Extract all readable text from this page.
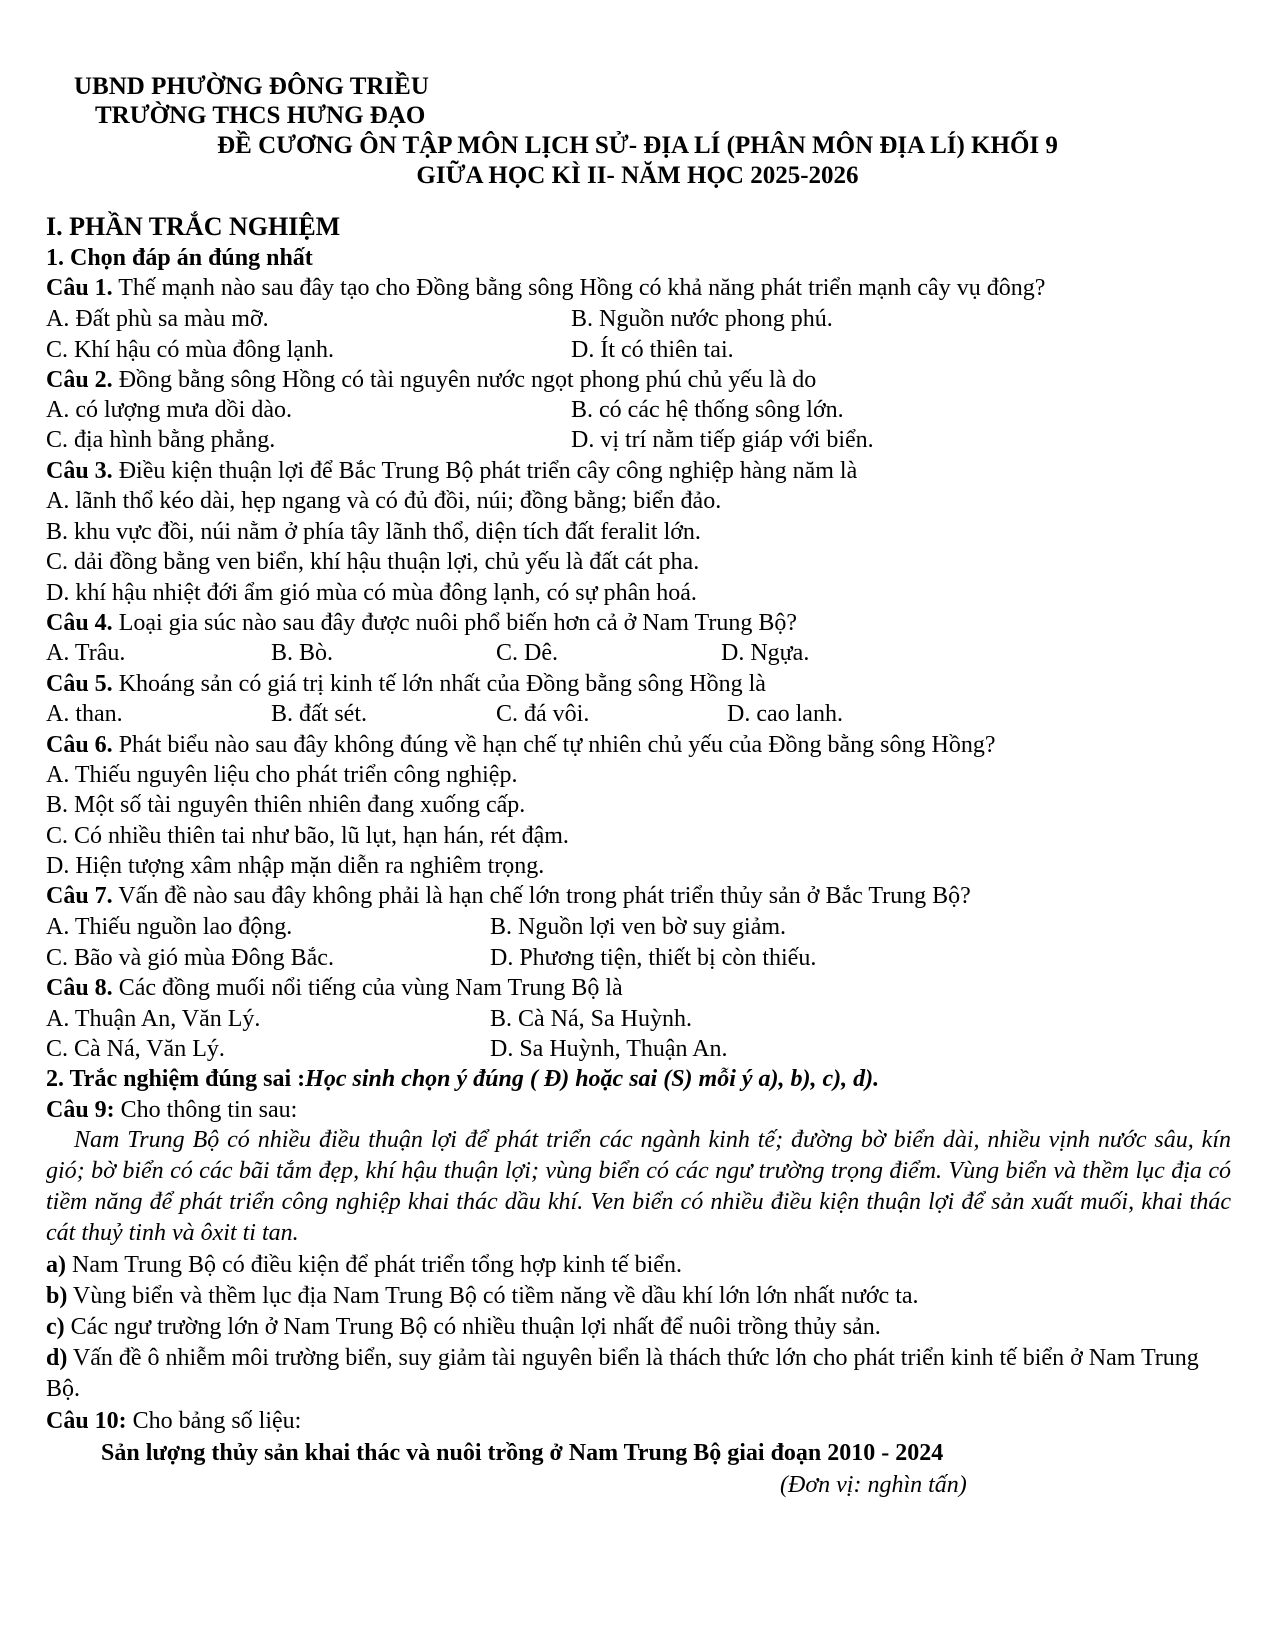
UBND PHƯỜNG ĐÔNG TRIỀU
TRƯỜNG THCS HƯNG ĐẠO
ĐỀ CƯƠNG ÔN TẬP MÔN LỊCH SỬ- ĐỊA LÍ (PHÂN MÔN ĐỊA LÍ) KHỐI 9
GIỮA HỌC KÌ II- NĂM HỌC 2025-2026
I. PHẦN TRẮC NGHIỆM
1. Chọn đáp án đúng nhất
Câu 1. Thế mạnh nào sau đây tạo cho Đồng bằng sông Hồng có khả năng phát triển mạnh cây vụ đông?
A. Đất phù sa màu mỡ.	B. Nguồn nước phong phú.
C. Khí hậu có mùa đông lạnh.	D. Ít có thiên tai.
Câu 2. Đồng bằng sông Hồng có tài nguyên nước ngọt phong phú chủ yếu là do
A. có lượng mưa dồi dào.	B. có các hệ thống sông lớn.
C. địa hình bằng phẳng.	D. vị trí nằm tiếp giáp với biển.
Câu 3. Điều kiện thuận lợi để Bắc Trung Bộ phát triển cây công nghiệp hàng năm là
A. lãnh thổ kéo dài, hẹp ngang và có đủ đồi, núi; đồng bằng; biển đảo.
B. khu vực đồi, núi nằm ở phía tây lãnh thổ, diện tích đất feralit lớn.
C. dải đồng bằng ven biển, khí hậu thuận lợi, chủ yếu là đất cát pha.
D. khí hậu nhiệt đới ẩm gió mùa có mùa đông lạnh, có sự phân hoá.
Câu 4. Loại gia súc nào sau đây được nuôi phổ biến hơn cả ở Nam Trung Bộ?
A. Trâu.	B. Bò.	C. Dê.	D. Ngựa.
Câu 5. Khoáng sản có giá trị kinh tế lớn nhất của Đồng bằng sông Hồng là
A. than.	B. đất sét.	C. đá vôi.	D. cao lanh.
Câu 6. Phát biểu nào sau đây không đúng về hạn chế tự nhiên chủ yếu của Đồng bằng sông Hồng?
A. Thiếu nguyên liệu cho phát triển công nghiệp.
B. Một số tài nguyên thiên nhiên đang xuống cấp.
C. Có nhiều thiên tai như bão, lũ lụt, hạn hán, rét đậm.
D. Hiện tượng xâm nhập mặn diễn ra nghiêm trọng.
Câu 7. Vấn đề nào sau đây không phải là hạn chế lớn trong phát triển thủy sản ở Bắc Trung Bộ?
A. Thiếu nguồn lao động.	B. Nguồn lợi ven bờ suy giảm.
C. Bão và gió mùa Đông Bắc.	D. Phương tiện, thiết bị còn thiếu.
Câu 8. Các đồng muối nổi tiếng của vùng Nam Trung Bộ là
A. Thuận An, Văn Lý.	B. Cà Ná, Sa Huỳnh.
C. Cà Ná, Văn Lý.	D. Sa Huỳnh, Thuận An.
2. Trắc nghiệm đúng sai :Học sinh chọn ý đúng ( Đ) hoặc sai (S) mỗi ý a), b), c), d).
Câu 9: Cho thông tin sau:
Nam Trung Bộ có nhiều điều thuận lợi để phát triển các ngành kinh tế; đường bờ biển dài, nhiều vịnh nước sâu, kín gió; bờ biển có các bãi tắm đẹp, khí hậu thuận lợi; vùng biển có các ngư trường trọng điểm. Vùng biển và thềm lục địa có tiềm năng để phát triển công nghiệp khai thác dầu khí. Ven biển có nhiều điều kiện thuận lợi để sản xuất muối, khai thác cát thuỷ tinh và ôxit ti tan.
a) Nam Trung Bộ có điều kiện để phát triển tổng hợp kinh tế biển.
b) Vùng biển và thềm lục địa Nam Trung Bộ có tiềm năng về dầu khí lớn lớn nhất nước ta.
c) Các ngư trường lớn ở Nam Trung Bộ có nhiều thuận lợi nhất để nuôi trồng thủy sản.
d) Vấn đề ô nhiễm môi trường biển, suy giảm tài nguyên biển là thách thức lớn cho phát triển kinh tế biển ở Nam Trung Bộ.
Câu 10: Cho bảng số liệu:
Sản lượng thủy sản khai thác và nuôi trồng ở Nam Trung Bộ giai đoạn 2010 - 2024
(Đơn vị: nghìn tấn)
